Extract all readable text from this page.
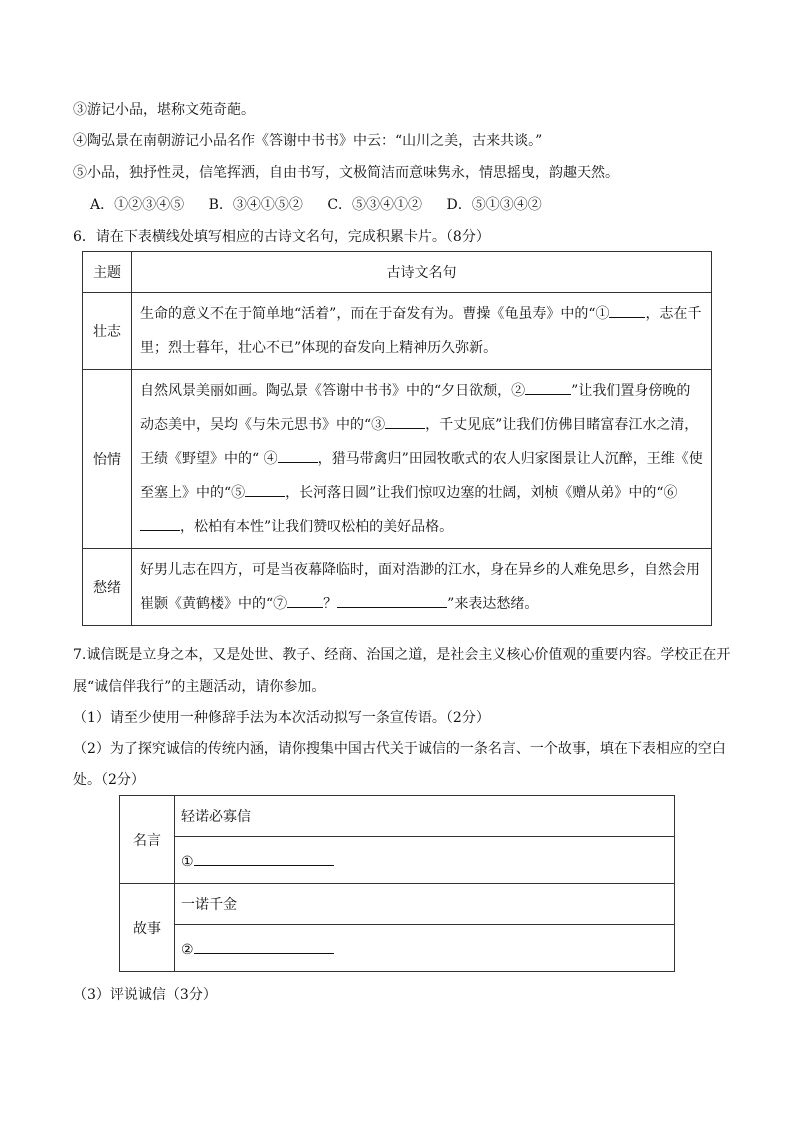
③游记小品，堪称文苑奇葩。
④陶弘景在南朝游记小品名作《答谢中书书》中云：“山川之美，古来共谈。”
⑤小品，独抒性灵，信笔挥洒，自由书写，文极简洁而意味隽永，情思摇曳，韵趣天然。
A．①②③④⑤ B．③④①⑤② C．⑤③④①② D．⑤①③④②
6．请在下表横线处填写相应的古诗文名句，完成积累卡片。（8分）
主题	古诗文名句
壮志	生命的意义不在于简单地“活着”，而在于奋发有为。曹操《龟虽寿》中的“① ，志在千里；烈士暮年，壮心不已”体现的奋发向上精神历久弥新。
怡情	自然风景美丽如画。陶弘景《答谢中书书》中的“夕日欲颓，② ”让我们置身傍晚的动态美中，吴均《与朱元思书》中的“③ ，千丈见底”让我们仿佛目睹富春江水之清，王绩《野望》中的“ ④ ，猎马带禽归”田园牧歌式的农人归家图景让人沉醉，王维《使至塞上》中的“⑤ ，长河落日圆”让我们惊叹边塞的壮阔，刘桢《赠从弟》中的“⑥，松柏有本性”让我们赞叹松柏的美好品格。
愁绪	好男儿志在四方，可是当夜幕降临时，面对浩渺的江水，身在异乡的人难免思乡，自然会用崔颢《黄鹤楼》中的“⑦ ？ ”来表达愁绪。
7.诚信既是立身之本，又是处世、教子、经商、治国之道，是社会主义核心价值观的重要内容。学校正在开
展“诚信伴我行”的主题活动，请你参加。
（1）请至少使用一种修辞手法为本次活动拟写一条宣传语。（2分）
（2）为了探究诚信的传统内涵，请你搜集中国古代关于诚信的一条名言、一个故事，填在下表相应的空白
处。（2分）
名言	轻诺必寡信
	①
故事	一诺千金
	②
（3）评说诚信（3分）
